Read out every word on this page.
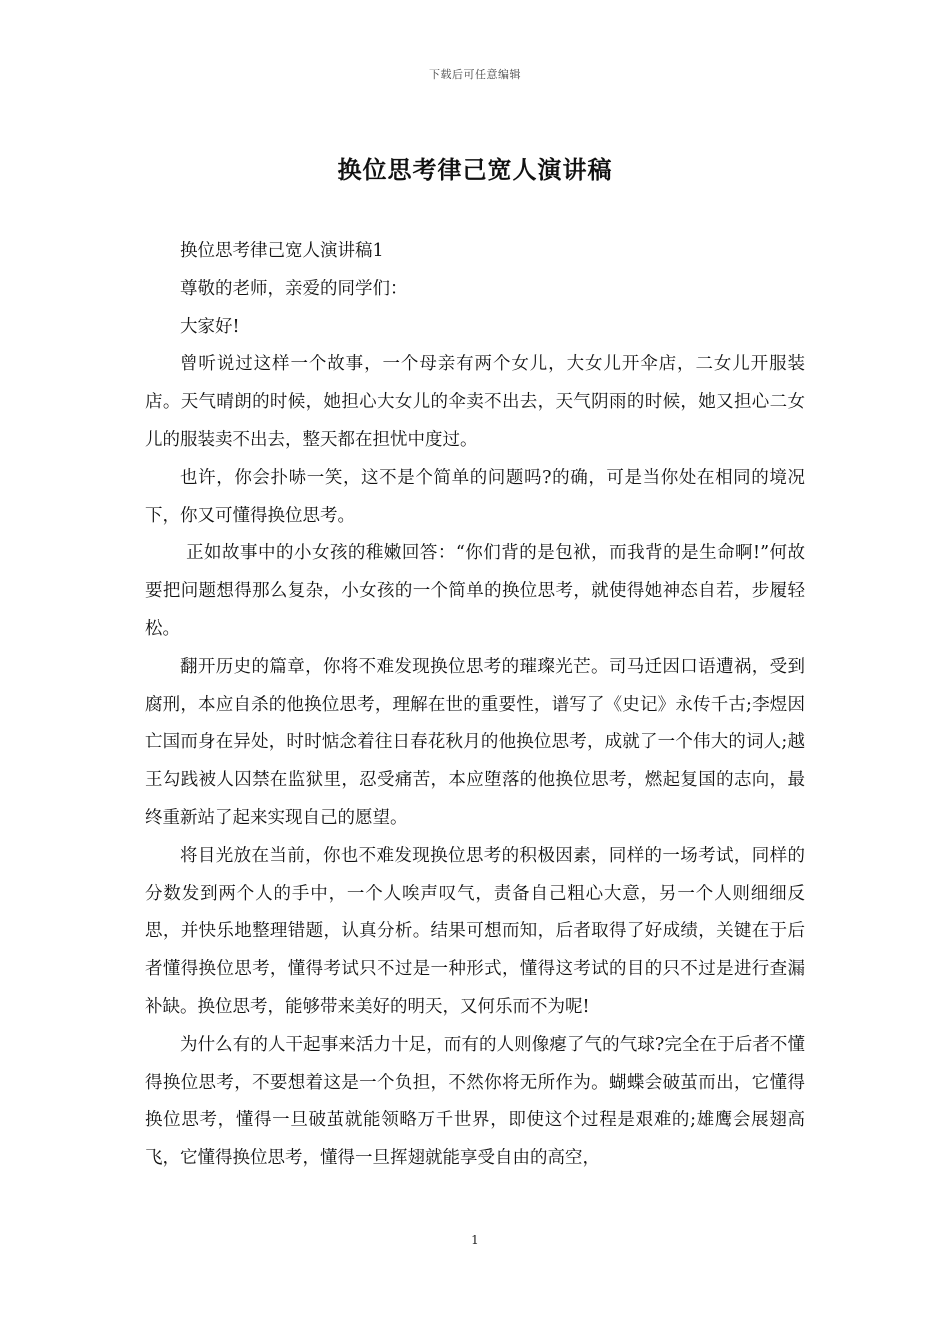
下载后可任意编辑
换位思考律己宽人演讲稿

换位思考律己宽人演讲稿1

尊敬的老师，亲爱的同学们：

大家好!

曾听说过这样一个故事，一个母亲有两个女儿，大女儿开伞店，二女儿开服装店。天气晴朗的时候，她担心大女儿的伞卖不出去，天气阴雨的时候，她又担心二女儿的服装卖不出去，整天都在担忧中度过。

也许，你会扑哧一笑，这不是个简单的问题吗?的确，可是当你处在相同的境况下，你又可懂得换位思考。

正如故事中的小女孩的稚嫩回答：“你们背的是包袱，而我背的是生命啊!”何故要把问题想得那么复杂，小女孩的一个简单的换位思考，就使得她神态自若，步履轻松。

翻开历史的篇章，你将不难发现换位思考的璀璨光芒。司马迁因口语遭祸，受到腐刑，本应自杀的他换位思考，理解在世的重要性，谱写了《史记》永传千古;李煜因亡国而身在异处，时时惦念着往日春花秋月的他换位思考，成就了一个伟大的词人;越王勾践被人囚禁在监狱里，忍受痛苦，本应堕落的他换位思考，燃起复国的志向，最终重新站了起来实现自己的愿望。

将目光放在当前，你也不难发现换位思考的积极因素，同样的一场考试，同样的分数发到两个人的手中，一个人唉声叹气，责备自己粗心大意，另一个人则细细反思，并快乐地整理错题，认真分析。结果可想而知，后者取得了好成绩，关键在于后者懂得换位思考，懂得考试只不过是一种形式，懂得这考试的目的只不过是进行查漏补缺。换位思考，能够带来美好的明天，又何乐而不为呢!

为什么有的人干起事来活力十足，而有的人则像瘪了气的气球?完全在于后者不懂得换位思考，不要想着这是一个负担，不然你将无所作为。蝴蝶会破茧而出，它懂得换位思考，懂得一旦破茧就能领略万千世界，即使这个过程是艰难的;雄鹰会展翅高飞，它懂得换位思考，懂得一旦挥翅就能享受自由的高空，

1
